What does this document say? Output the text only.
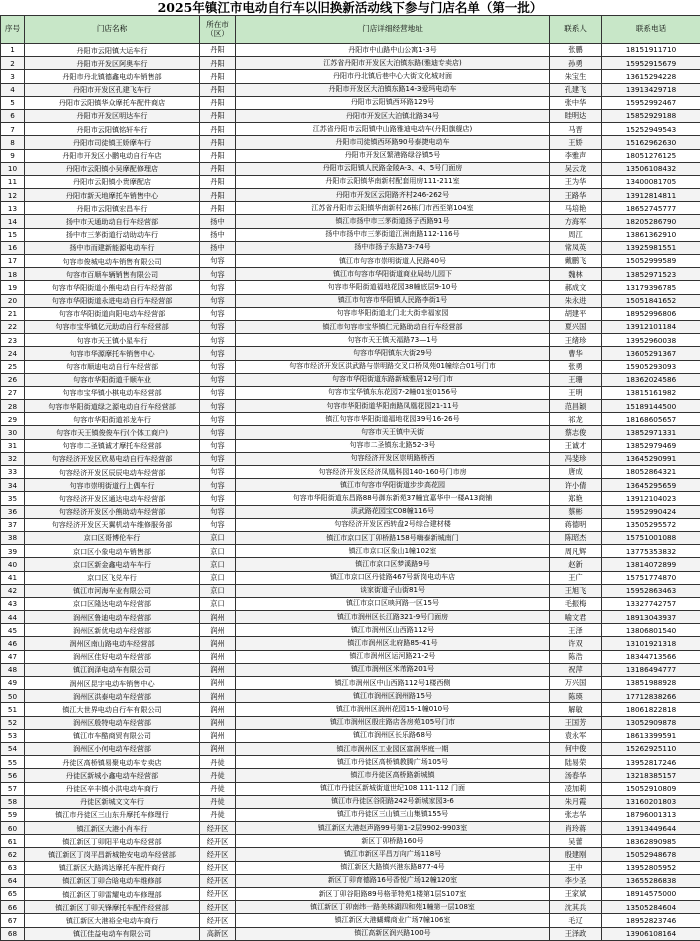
2025年镇江市电动自行车以旧换新活动线下参与门店名单（第一批）
序号	门店名称	所在市（区）	门店详细经营地址	联系人	联系电话
1	丹阳市云阳镇大运车行	丹阳	丹阳市中山路中山公寓1-3号	张鹏	18151911710
2	丹阳市开发区阿奥车行	丹阳	江苏省丹阳市开发区大泊镇东路(雅迪专卖店)	孙勇	15952915679
3	丹阳市丹北镇德鑫电动车销售部	丹阳	丹阳市丹北镇后巷中心大街文化城对面	朱宝生	13615294228
4	丹阳市开发区孔建飞车行	丹阳	丹阳市开发区大泊镇东路14-3爱玛电动车	孔建飞	13913429718
5	丹阳市云阳镇华众摩托车配件商店	丹阳	丹阳市云阳镇西环路129号	张中华	15952992467
6	丹阳市开发区明达车行	丹阳	丹阳市开发区大泊镇北路34号	眭明达	15852929188
7	丹阳市云阳镇铭轩车行	丹阳	江苏省丹阳市云阳镇中山路雅迪电动车(丹阳旗舰店)	马晋	15252949543
8	丹阳市司徒镇王娇摩车行	丹阳	丹阳市司徒镇西环路90号泰捷电动车	王娇	15162962630
9	丹阳市开发区小鹏电动自行车店	丹阳	丹阳市开发区繁港路绿谷镇5号	李雅声	18051276125
10	丹阳市云阳镇小吴摩配修理店	丹阳	丹阳市云阳镇人民路金陵A-3、4、5号门面房	吴云龙	13506108432
11	丹阳市云阳镇小贵摩配店	丹阳	丹阳市云阳镇华南新村配套用房111-211室	王为华	13400081705
12	丹阳市新天地摩托车销售中心	丹阳	丹阳市开发区云阳路齐村246-262号	王路华	13912814811
13	丹阳市云阳镇宏昌车行	丹阳	江苏省丹阳市云阳镇华南新村26栋门市西至第104室	马培艳	18652745777
14	扬中市天通助动自行车经营部	扬中	镇江市扬中市三茅街道扬子西路91号	方海军	18205286790
15	扬中市三茅街道行动助动车行	扬中	扬中市扬中市三茅街道江洲南路112-116号	周江	13861362910
16	扬中市而建新能源电动车行	扬中	扬中市扬子东路73-74号	常凤英	13925981551
17	句容市俊城电动车销售有限公司	句容	镇江市句容市崇明街道人民路40号	戴鹏飞	15052999589
18	句容市百顺车辆销售有限公司	句容	镇江市句容市华阳街道商业局幼儿园下	魏林	13852971523
19	句容市华阳街道小熊电动自行车经营部	句容	句容市华阳街道福地花园38幢底层9-10号	郝成文	13179396785
20	句容市华阳街道永进电动自行车经营部	句容	镇江市句容市华阳镇人民路李街1号	朱永进	15051841652
21	句容市华阳街道向阳电动车经营部	句容	句容市华阳街道北门北大街幸福家园	胡建平	18952996806
22	句容市宝华镇亿元助动自行车经营部	句容	镇江市句容市宝华镇仁元路助动自行车经营部	夏兴国	13912101184
23	句容市天王镇小星车行	句容	句容市天王镇天福路73—1号	王绪珍	13952960038
24	句容市华源摩托车销售中心	句容	句容市华阳镇东大街29号	曹华	13605291367
25	句容市顺迪电动自行车经营部	句容	句容市经济开发区洪武路与崇明路交叉口桥凤苑01幢综合01号门市	张勇	15905293093
26	句容市华阳街道千顺车业	句容	句容市华阳街道东路新城雅居12号门市	王珊	18362024586
27	句容市宝华镇小棋电动车经营部	句容	句容市宝华镇东东花园7-2幢01室0156号	王明	13815161982
28	句容市华阳街道绿之源电动自行车经营部	句容	句容市华阳街道华阳南路凤凰花园21-11号	范昌颖	15189144500
29	句容市华阳街道祁龙车行	句容	镇江句容市华阳街道福地花园39号16-26号	祁龙	18168605657
30	句容市天王镇俊俊车行(个体工商户)	句容	句容市天王镇中天街	蔡志俊	13852971331
31	句容市二圣镇诚才摩托车经营部	句容	句容市二圣镇东北路52-3号	王诚才	13852979469
32	句容经济开发区欣易电动自行车经营部	句容	句容经济开发区崇明路桥西	冯斐珍	13645290991
33	句容经济开发区辰辰电动车经营部	句容	句容经济开发区经济凤凰科园140-160号门市房	唐成	18052864321
34	句容市崇明街道行上偶车行	句容	镇江市句容市华阳街道步步高花园	许小倩	13645295659
35	句容经济开发区通达电动车经营部	句容	句容市华阳街道东昌路88号御东新苑37幢宜嘉华中一楼A13商铺	郑艳	13912104023
36	句容经济开发区小熊助动车经营部	句容	洪武路花园宝C08幢116号	蔡彬	15952990424
37	句容经济开发区天翼机动车维修服务部	句容	句容经济开发区西转盘2号综合建材楼	蒋德明	13505295572
38	京口区哥博伦车行	京口	镇江市京口区丁卯桥路158号嗨泰新城南门	陈昭杰	15751001088
39	京口区小象电动车销售部	京口	镇江市京口区象山1幢102室	周凡辉	13775353832
40	京口区新金鑫电动车车行	京口	镇江市京口区梦溪路9号	赵新	13814072899
41	京口区飞兑车行	京口	镇江市京口区丹徒路467号新岗电动车店	王广	15751774870
42	镇江市河海车业有限公司	京口	谈家街道子山街81号	王旭飞	15952863463
43	京口区隆达电动车经营部	京口	镇江市京口区映河路一区15号	毛振梅	13327742757
44	润州区鲁迪电动车经营部	润州	镇江市润州区长江路321-9号门面房	喻文君	18913043937
45	润州区新优电动车经营部	润州	镇江市润州区山西路112号	王泽	13806801540
46	润州区南山路电动车经营部	润州	镇江市润州区北府路85-41号	许双	13101921318
47	润州区佳好电动车经营部	润州	镇江市润州区运河路21-2号	陈浩	18344713566
48	镇江润泽电动车有限公司	润州	镇江市润州区米芾路201号	祝萍	13186494777
49	润州区昆宇电动车销售中心	润州	镇江市润州区中山西路112号1楼西侧	万兴国	13851988928
50	润州区洪泰电动车经营部	润州	镇江市润州区润州路15号	陈瑛	17712838266
51	镇江大世界电动自行车有限公司	润州	镇江市润州区润州花园15-1幢010号	解敏	18061822818
52	润州区殷特电动车经营部	润州	镇江市润州区殷庄路店各房苑105号门市	王国芳	13052909878
53	镇江市车酷商贸有限公司	润州	镇江市润州区长乐路68号	袁永军	18613399591
54	润州区小何电动车经营部	润州	镇江市润州区工业园区富润华庭一期	何中俊	15262925110
55	丹徒区高桥镇易聚电动车专卖店	丹徒	镇江市丹徒区高桥镇教腾广场105号	陆易荣	13952817246
56	丹徒区新城小鑫电动车经营部	丹徒	镇江市丹徒区高桥路新城镇	汤春华	13218385157
57	丹徒区辛丰镇小洪电动车商行	丹徒	镇江市丹徒区新城街道世纪108 111-112 门面	凌加莉	15052910809
58	丹徒区新城文文车行	丹徒	镇江市丹徒区谷阳路242号新城家园3-6	朱月霞	13160201803
59	镇江市丹徒区三山东升摩托车修理行	丹徒	镇江市丹徒区三山镇三山集镇155号	张志华	18796001313
60	镇江新区大港小肖车行	经开区	镇江新区大港赵声路99号第1-2层9902-9903室	肖玲蒋	13913449644
61	镇江新区丁卯阳平电动车经营部	经开区	新区丁卯桥路160号	吴蕾	18362890985
62	镇江新区丁岗平昌新城艳安电动车经营部	经开区	镇江市新区平昌万向广场118号	殷建刚	15052948678
63	镇江新区大路鸿达摩托车配件商行	经开区	镇江新区大路镇兴港东路877-4号	王中	13952805952
64	镇江新区丁卯合晗电动车维修部	经开区	新区丁卯育德路16号香悦广场12幢120室	李少圣	13655286838
65	镇江新区丁卯雷耀电动车修理部	经开区	新区丁卯谷阳路89号格菲特苑1楼第1层S107室	王家斌	18914575000
66	镇江新区丁卯天锋摩托车配件经营部	经开区	镇江新区丁卯南纬一路美林湖四和苑1幢第一层108室	沈其兵	13505284604
67	镇江新区大港裕全电动车商行	经开区	镇江新区大港蝴蝶商业广场7幢106室	毛辽	18952823746
68	镇江佳益电动车有限公司	高新区	镇江高新区润兴路100号	王泽政	13906108164
